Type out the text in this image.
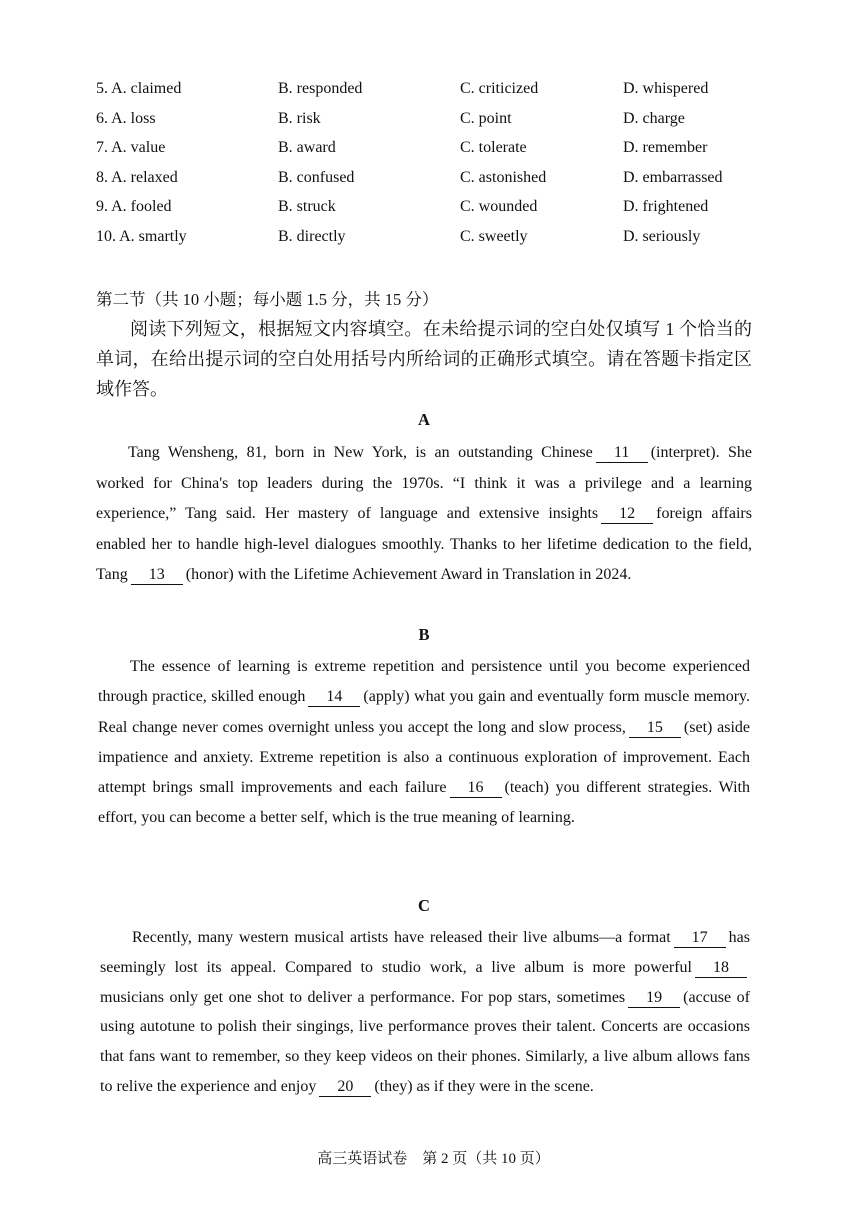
5. A. claimed	B. responded	C. criticized	D. whispered
6. A. loss	B. risk	C. point	D. charge
7. A. value	B. award	C. tolerate	D. remember
8. A. relaxed	B. confused	C. astonished	D. embarrassed
9. A. fooled	B. struck	C. wounded	D. frightened
10. A. smartly	B. directly	C. sweetly	D. seriously
第二节（共 10 小题；每小题 1.5 分，共 15 分）
阅读下列短文，根据短文内容填空。在未给提示词的空白处仅填写 1 个恰当的单词，在给出提示词的空白处用括号内所给词的正确形式填空。请在答题卡指定区域作答。
A
Tang Wensheng, 81, born in New York, is an outstanding Chinese 11 (interpret). She worked for China's top leaders during the 1970s. “I think it was a privilege and a learning experience,” Tang said. Her mastery of language and extensive insights 12 foreign affairs enabled her to handle high-level dialogues smoothly. Thanks to her lifetime dedication to the field, Tang 13 (honor) with the Lifetime Achievement Award in Translation in 2024.
B
The essence of learning is extreme repetition and persistence until you become experienced through practice, skilled enough 14 (apply) what you gain and eventually form muscle memory. Real change never comes overnight unless you accept the long and slow process, 15 (set) aside impatience and anxiety. Extreme repetition is also a continuous exploration of improvement. Each attempt brings small improvements and each failure 16 (teach) you different strategies. With effort, you can become a better self, which is the true meaning of learning.
C
Recently, many western musical artists have released their live albums—a format 17 has seemingly lost its appeal. Compared to studio work, a live album is more powerful 18musicians only get one shot to deliver a performance. For pop stars, sometimes 19 (accuse of using autotune to polish their singings, live performance proves their talent. Concerts are occasions that fans want to remember, so they keep videos on their phones. Similarly, a live album allows fans to relive the experience and enjoy 20 (they) as if they were in the scene.
高三英语试卷　第 2 页（共 10 页）
